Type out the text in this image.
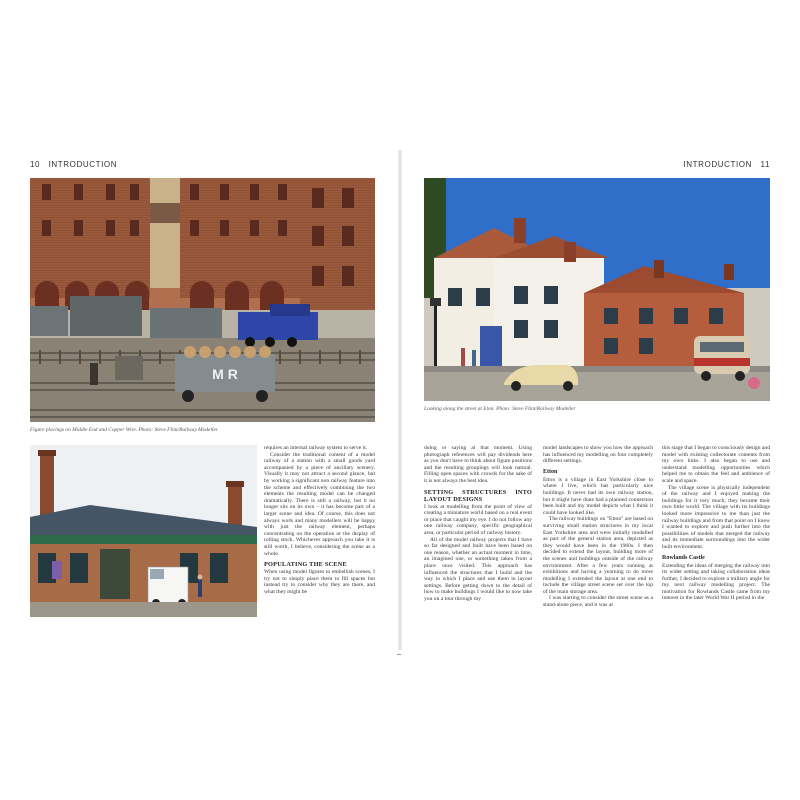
10 INTRODUCTION
M R
Figure placings on Middle End and Copper Wire. Photo: Steve Flint/Railway Modeller

requires an internal railway system to serve it.

Consider the traditional content of a model railway of a station with a small goods yard accompanied by a piece of ancillary scenery. Visually it may not attract a second glance, but by working a significant non railway feature into the scheme and effectively combining the two elements the resulting model can be changed dramatically. There is still a railway, but it no longer sits on its own – it has become part of a larger scene and idea. Of course, this does not always work and many modellers will be happy with just the railway element, perhaps concentrating on the operation or the display of rolling stock. Whichever approach you take it is still worth, I believe, considering the scene as a whole.

POPULATING THE SCENE

When using model figures to embellish scenes, I try not to simply place them to fill spaces but instead try to consider why they are there, and what they might be

INTRODUCTION 11
Looking along the street at Eton. Photo: Steve Flint/Railway Modeller

model landscapes to show you how the approach has influenced my modelling on four completely different settings.

Etton

Etton is a village in East Yorkshire close to where I live, which has particularly nice buildings. It never had its own railway station, but it might have done had a planned connection been built and my model depicts what I think it could have looked like.

The railway buildings on "Etton" are based on surviving small station structures in my local East Yorkshire area and were initially modelled as part of the general station area, depicted as they would have been in the 1960s. I then decided to extend the layout, building more of the scenes and buildings outside of the railway environment. After a few years running at exhibitions and having a yearning to do more modelling I extended the layout at one end to include the village street scene set over the top of the main storage area.

I was starting to consider the street scene as a stand-alone piece, and it was at

this stage that I began to consciously design and model with existing collectorate contents from my own links. I also began to use and understand modelling opportunities which helped me to obtain the feel and ambience of scale and space.

The village scene is physically independent of the railway and I enjoyed making the buildings for it very much; they became their own little world. The village with its buildings looked more impressive to me than just the railway buildings and from that point on I knew I wanted to explore and push further into the possibilities of models that merged the railway and its immediate surroundings into the wider built environment.

Rowlands Castle

Extending the ideas of merging the railway into its wider setting and taking collaboration ideas further, I decided to explore a military angle for my next railway modelling project. The motivation for Rowlands Castle came from my interest in the later World War II period in the

doing or saying at that moment. Using photograph references will pay dividends here as you don't have to think about figure positions and the resulting groupings will look natural. Filling open spaces with crowds for the sake of it is not always the best idea.

SETTING STRUCTURES INTO LAYOUT DESIGNS

I look at modelling from the point of view of creating a miniature world based on a real event or place that caught my eye. I do not follow any one railway company, specific geographical area, or particular period of railway history.

All of the model railway projects that I have so far designed and built have been based on one reason, whether an actual moment in time, an imagined one, or something taken from a place once visited. This approach has influenced the structures that I build and the way in which I place and use them in layout settings. Before getting down to the detail of how to make buildings I would like to now take you on a tour through my
